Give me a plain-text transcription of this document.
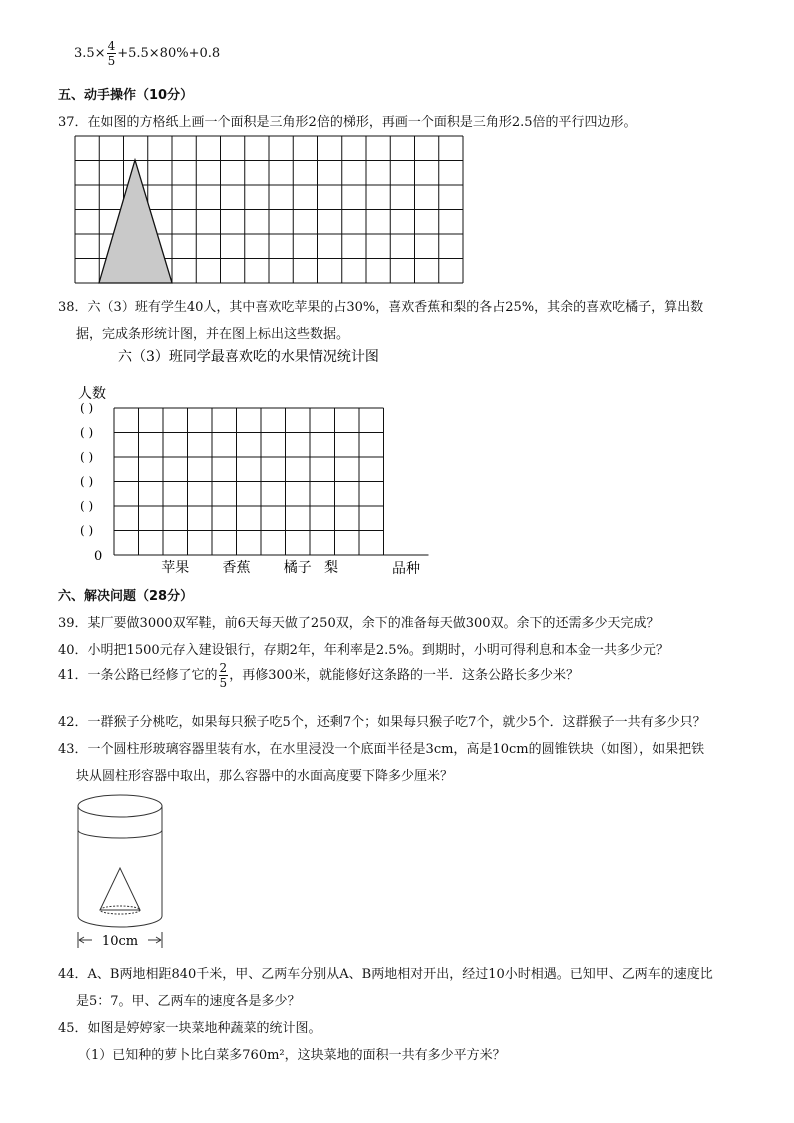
$3.5\times \frac{4}{5} +5.5\times 80\%+0.8$
五、动手操作（10分）
37．在如图的方格纸上画一个面积是三角形2倍的梯形，再画一个面积是三角形2.5倍的平行四边形。
38．六（3）班有学生40人，其中喜欢吃苹果的占30%，喜欢香蕉和梨的各占25%，其余的喜欢吃橘子，算出数
据，完成条形统计图，并在图上标出这些数据。
六（3）班同学最喜欢吃的水果情况统计图
人数
0
品种
( )
( )
( )
( )
( )
( )
苹果 香蕉 橘子 梨
六、解决问题（28分）
39．某厂要做3000双军鞋，前6天每天做了250双，余下的准备每天做300双。余下的还需多少天完成？
40．小明把1500元存入建设银行，存期2年，年利率是2.5%。到期时，小明可得利息和本金一共多少元？
41．一条公路已经修了它的 $\frac{2}{5}$ ，再修300米，就能修好这条路的一半．这条公路长多少米？
42．一群猴子分桃吃，如果每只猴子吃5个，还剩7个；如果每只猴子吃7个，就少5个．这群猴子一共有多少只？
43．一个圆柱形玻璃容器里装有水，在水里浸没一个底面半径是3cm，高是10cm的圆锥铁块（如图），如果把铁
块从圆柱形容器中取出，那么容器中的水面高度要下降多少厘米？
10cm
44．A、B两地相距840千米，甲、乙两车分别从A、B两地相对开出，经过10小时相遇。已知甲、乙两车的速度比
是5：7。甲、乙两车的速度各是多少？
45．如图是婷婷家一块菜地种蔬菜的统计图。
（1）已知种的萝卜比白菜多760m²，这块菜地的面积一共有多少平方米？
